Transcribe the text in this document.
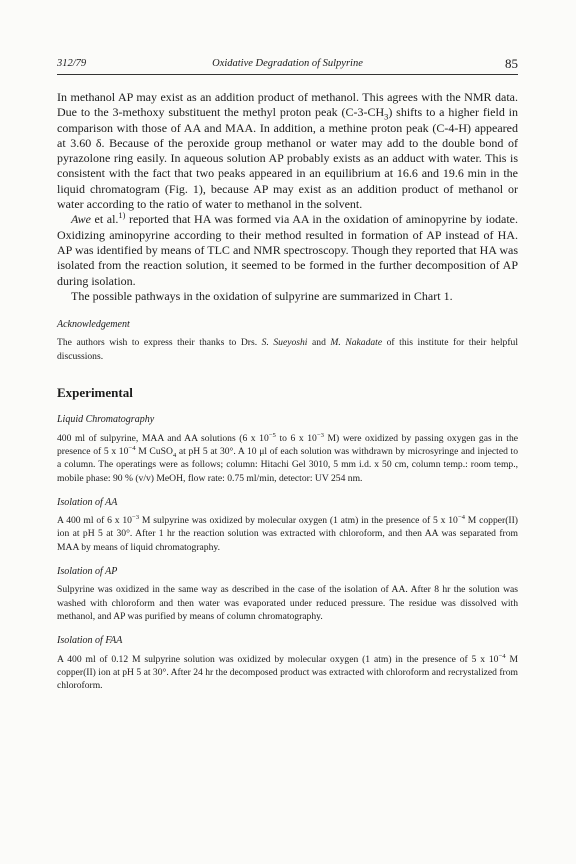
312/79	Oxidative Degradation of Sulpyrine	85

In methanol AP may exist as an addition product of methanol. This agrees with the NMR data. Due to the 3-methoxy substituent the methyl proton peak $(C-3-CH_3)$ shifts to a higher field in comparison with those of AA and MAA. In addition, a methine proton peak (C-4-H) appeared at 3.60 δ. Because of the peroxide group methanol or water may add to the double bond of pyrazolone ring easily. In aqueous solution AP probably exists as an adduct with water. This is consistent with the fact that two peaks appeared in an equilibrium at 16.6 and 19.6 min in the liquid chromatogram (Fig. 1), because AP may exist as an addition product of methanol or water according to the ratio of water to methanol in the solvent.

Awe et al.$^{1)}$ reported that HA was formed via AA in the oxidation of aminopyrine by iodate. Oxidizing aminopyrine according to their method resulted in formation of AP instead of HA. AP was identified by means of TLC and NMR spectroscopy. Though they reported that HA was isolated from the reaction solution, it seemed to be formed in the further decomposition of AP during isolation.

The possible pathways in the oxidation of sulpyrine are summarized in Chart 1.

Acknowledgement

The authors wish to express their thanks to Drs. S. Sueyoshi and M. Nakadate of this institute for their helpful discussions.

Experimental
Liquid Chromatography

400 ml of sulpyrine, MAA and AA solutions (6 x $10^{-5}$ to 6 x $10^{-3}$ M) were oxidized by passing oxygen gas in the presence of 5 x $10^{-4}$ M CuSO$_4$ at pH 5 at 30°. A 10 μl of each solution was withdrawn by microsyringe and injected to a column. The operatings were as follows; column: Hitachi Gel 3010, 5 mm i.d. x 50 cm, column temp.: room temp., mobile phase: 90 % (v/v) MeOH, flow rate: 0.75 ml/min, detector: UV 254 nm.

Isolation of AA

A 400 ml of 6 x $10^{-3}$ M sulpyrine was oxidized by molecular oxygen (1 atm) in the presence of 5 x $10^{-4}$ M copper(II) ion at pH 5 at 30°. After 1 hr the reaction solution was extracted with chloroform, and then AA was separated from MAA by means of liquid chromatography.

Isolation of AP

Sulpyrine was oxidized in the same way as described in the case of the isolation of AA. After 8 hr the solution was washed with chloroform and then water was evaporated under reduced pressure. The residue was dissolved with methanol, and AP was purified by means of column chromatography.

Isolation of FAA

A 400 ml of 0.12 M sulpyrine solution was oxidized by molecular oxygen (1 atm) in the presence of 5 x $10^{-4}$ M copper(II) ion at pH 5 at 30°. After 24 hr the decomposed product was extracted with chloroform and recrystalized from chloroform.
